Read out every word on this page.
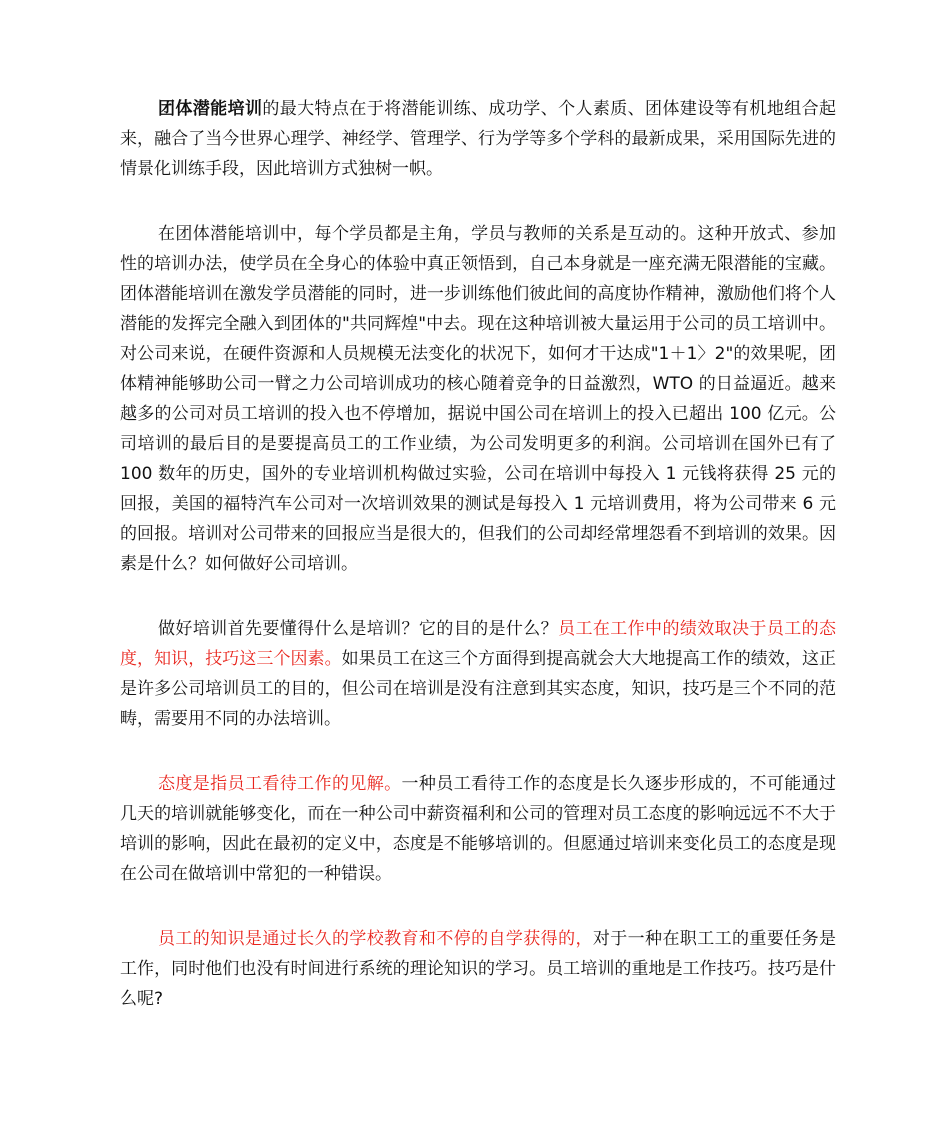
团体潜能培训的最大特点在于将潜能训练、成功学、个人素质、团体建设等有机地组合起来，融合了当今世界心理学、神经学、管理学、行为学等多个学科的最新成果，采用国际先进的情景化训练手段，因此培训方式独树一帜。

在团体潜能培训中，每个学员都是主角，学员与教师的关系是互动的。这种开放式、参加性的培训办法，使学员在全身心的体验中真正领悟到，自己本身就是一座充满无限潜能的宝藏。团体潜能培训在激发学员潜能的同时，进一步训练他们彼此间的高度协作精神，激励他们将个人潜能的发挥完全融入到团体的"共同辉煌"中去。现在这种培训被大量运用于公司的员工培训中。对公司来说，在硬件资源和人员规模无法变化的状况下，如何才干达成"1＋1〉2"的效果呢，团体精神能够助公司一臂之力公司培训成功的核心随着竞争的日益激烈，WTO 的日益逼近。越来越多的公司对员工培训的投入也不停增加，据说中国公司在培训上的投入已超出 100 亿元。公司培训的最后目的是要提高员工的工作业绩，为公司发明更多的利润。公司培训在国外已有了 100 数年的历史，国外的专业培训机构做过实验，公司在培训中每投入 1 元钱将获得 25 元的回报，美国的福特汽车公司对一次培训效果的测试是每投入 1 元培训费用，将为公司带来 6 元的回报。培训对公司带来的回报应当是很大的，但我们的公司却经常埋怨看不到培训的效果。因素是什么？如何做好公司培训。

做好培训首先要懂得什么是培训？它的目的是什么？员工在工作中的绩效取决于员工的态度，知识，技巧这三个因素。如果员工在这三个方面得到提高就会大大地提高工作的绩效，这正是许多公司培训员工的目的，但公司在培训是没有注意到其实态度，知识，技巧是三个不同的范畴，需要用不同的办法培训。

态度是指员工看待工作的见解。一种员工看待工作的态度是长久逐步形成的，不可能通过几天的培训就能够变化，而在一种公司中薪资福利和公司的管理对员工态度的影响远远不不大于培训的影响，因此在最初的定义中，态度是不能够培训的。但愿通过培训来变化员工的态度是现在公司在做培训中常犯的一种错误。

员工的知识是通过长久的学校教育和不停的自学获得的，对于一种在职工工的重要任务是工作，同时他们也没有时间进行系统的理论知识的学习。员工培训的重地是工作技巧。技巧是什么呢?
